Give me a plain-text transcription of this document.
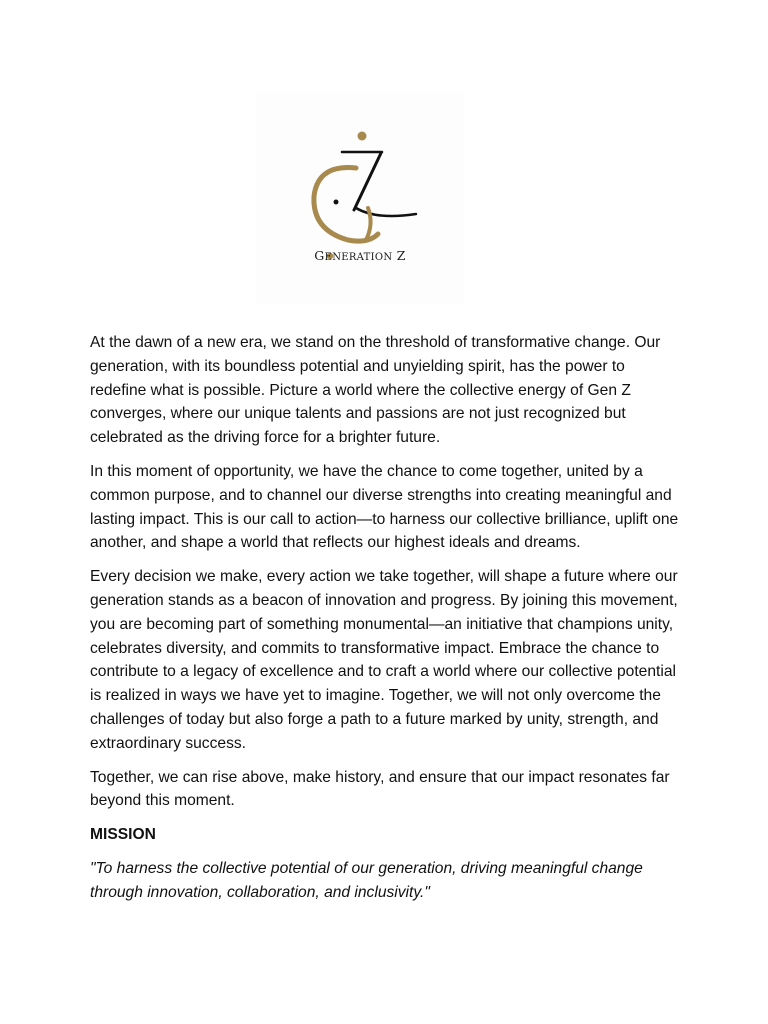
GENERATION Z

At the dawn of a new era, we stand on the threshold of transformative change. Our generation, with its boundless potential and unyielding spirit, has the power to redefine what is possible. Picture a world where the collective energy of Gen Z converges, where our unique talents and passions are not just recognized but celebrated as the driving force for a brighter future.

In this moment of opportunity, we have the chance to come together, united by a common purpose, and to channel our diverse strengths into creating meaningful and lasting impact. This is our call to action—to harness our collective brilliance, uplift one another, and shape a world that reflects our highest ideals and dreams.

Every decision we make, every action we take together, will shape a future where our generation stands as a beacon of innovation and progress. By joining this movement, you are becoming part of something monumental—an initiative that champions unity, celebrates diversity, and commits to transformative impact. Embrace the chance to contribute to a legacy of excellence and to craft a world where our collective potential is realized in ways we have yet to imagine. Together, we will not only overcome the challenges of today but also forge a path to a future marked by unity, strength, and extraordinary success.

Together, we can rise above, make history, and ensure that our impact resonates far beyond this moment.

MISSION

"To harness the collective potential of our generation, driving meaningful change through innovation, collaboration, and inclusivity."
